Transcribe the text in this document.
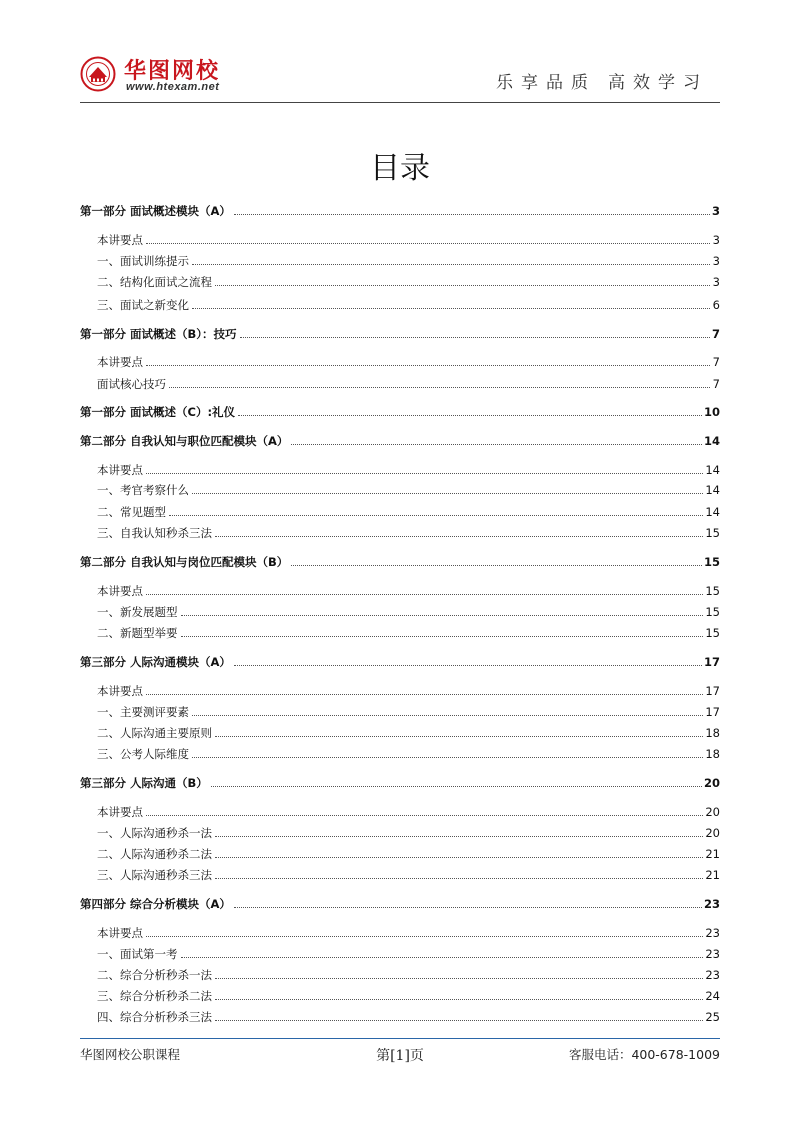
华图网校
www.htexam.net	乐享品质 高效学习
目录
第一部分 面试概述模块（A）	3
本讲要点	3
一、面试训练提示	3
二、结构化面试之流程	3
三、面试之新变化	6
第一部分 面试概述（B）：技巧	7
本讲要点	7
面试核心技巧	7
第一部分 面试概述（C）:礼仪	10
第二部分 自我认知与职位匹配模块（A）	14
本讲要点	14
一、考官考察什么	14
二、常见题型	14
三、自我认知秒杀三法	15
第二部分 自我认知与岗位匹配模块（B）	15
本讲要点	15
一、新发展题型	15
二、新题型举要	15
第三部分 人际沟通模块（A）	17
本讲要点	17
一、主要测评要素	17
二、人际沟通主要原则	18
三、公考人际维度	18
第三部分 人际沟通（B）	20
本讲要点	20
一、人际沟通秒杀一法	20
二、人际沟通秒杀二法	21
三、人际沟通秒杀三法	21
第四部分 综合分析模块（A）	23
本讲要点	23
一、面试第一考	23
二、综合分析秒杀一法	23
三、综合分析秒杀二法	24
四、综合分析秒杀三法	25
华图网校公职课程	第[1]页	客服电话：400-678-1009
